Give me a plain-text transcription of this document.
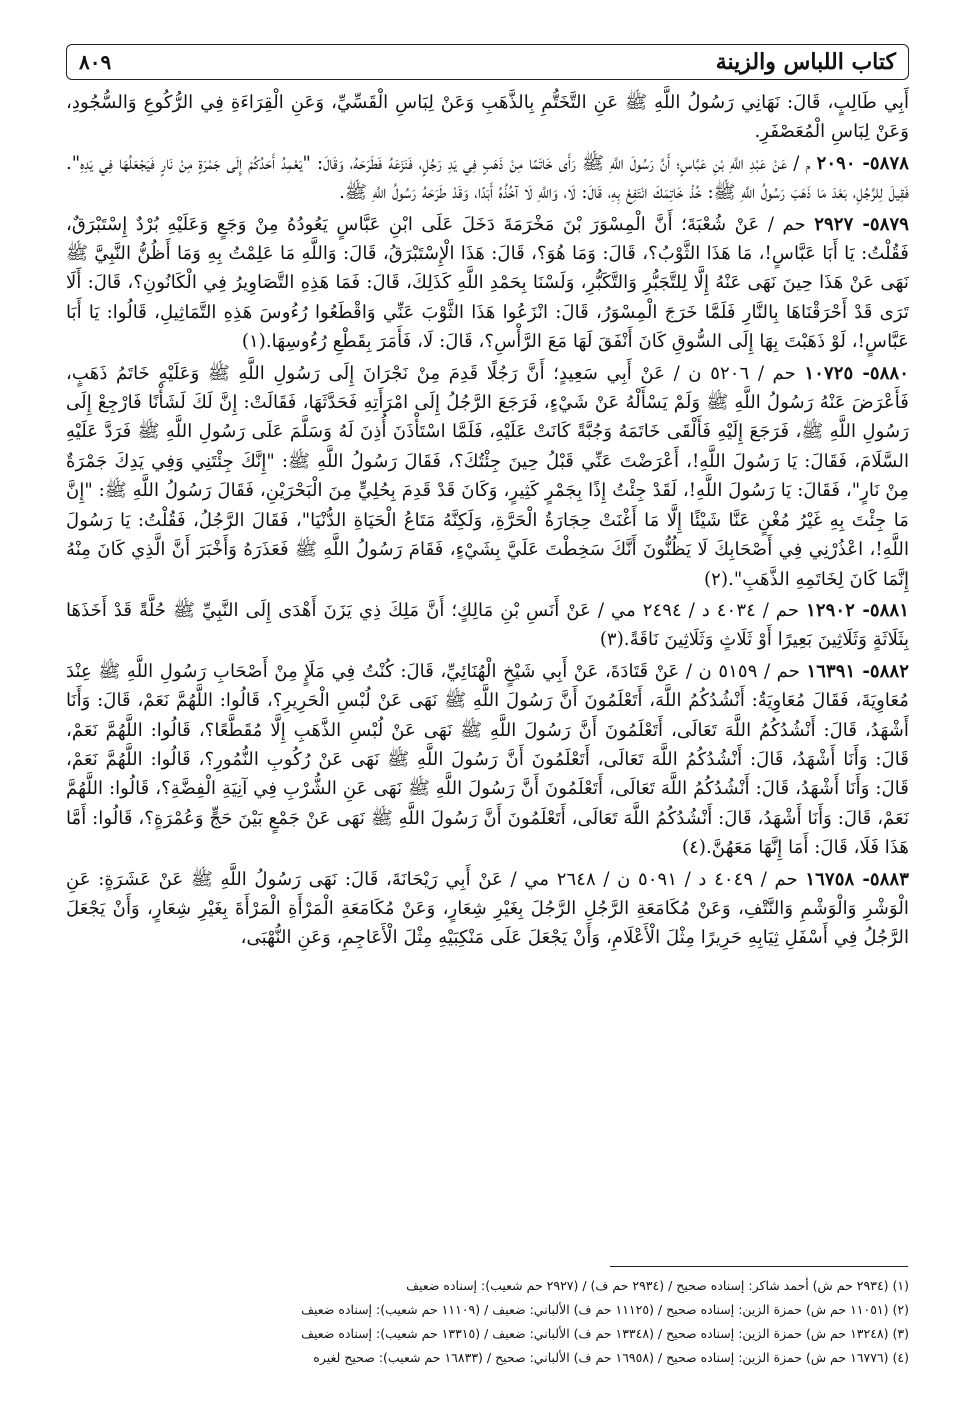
كتاب اللباس والزينة
٨٠٩

أَبِي طَالِبٍ، قَالَ: نَهَانِي رَسُولُ اللَّهِ ﷺ عَنِ التَّخَتُّمِ بِالذَّهَبِ وَعَنْ لِبَاسِ الْقَسِّيِّ، وَعَنِ الْقِرَاءَةِ فِي الرُّكُوعِ وَالسُّجُودِ، وَعَنْ لِبَاسِ الْمُعَصْفَرِ.

٥٨٧٨- ٢٠٩٠ م / عَنْ عَبْدِ اللَّهِ بْنِ عَبَّاسٍ؛ أَنَّ رَسُولَ اللَّهِ ﷺ رَأَى خَاتَمًا مِنْ ذَهَبٍ فِي يَدِ رَجُلٍ، فَنَزَعَهُ فَطَرَحَهُ، وَقَالَ: "يَعْمِدُ أَحَدُكُمْ إِلَى جَمْرَةٍ مِنْ نَارٍ فَيَجْعَلُهَا فِي يَدِهِ". فَقِيلَ لِلرَّجُلِ، بَعْدَ مَا ذَهَبَ رَسُولُ اللَّهِ ﷺ: خُذْ خَاتِمَكَ انْتَفِعْ بِهِ، قَالَ: لَا، وَاللَّهِ لَا آخُذُهُ أَبَدًا، وَقَدْ طَرَحَهُ رَسُولُ اللَّهِ ﷺ.

٥٨٧٩- ٢٩٢٧ حم / عَنْ شُعْبَةَ؛ أَنَّ الْمِسْوَرَ بْنَ مَخْرَمَةَ دَخَلَ عَلَى ابْنِ عَبَّاسٍ يَعُودُهُ مِنْ وَجَعٍ وَعَلَيْهِ بُرْدٌ إِسْتَبْرَقٌ، فَقُلْتُ: يَا أَبَا عَبَّاسٍ!، مَا هَذَا الثَّوْبُ؟، قَالَ: وَمَا هُوَ؟، قَالَ: هَذَا الْإِسْتَبْرَقُ، قَالَ: وَاللَّهِ مَا عَلِمْتُ بِهِ وَمَا أَظُنُّ النَّبِيَّ ﷺ نَهَى عَنْ هَذَا حِينَ نَهَى عَنْهُ إِلَّا لِلتَّجَبُّرِ وَالتَّكَبُّرِ، وَلَسْنَا بِحَمْدِ اللَّهِ كَذَلِكَ، قَالَ: فَمَا هَذِهِ التَّصَاوِيرُ فِي الْكَانُونِ؟، قَالَ: أَلَا تَرَى قَدْ أَحْرَقْنَاهَا بِالنَّارِ فَلَمَّا خَرَجَ الْمِسْوَرُ، قَالَ: انْزَعُوا هَذَا الثَّوْبَ عَنِّي وَاقْطَعُوا رُءُوسَ هَذِهِ التَّمَاثِيلِ، قَالُوا: يَا أَبَا عَبَّاسٍ!، لَوْ ذَهَبْتَ بِهَا إِلَى السُّوقِ كَانَ أَنْفَقَ لَهَا مَعَ الرَّأْسِ؟، قَالَ: لَا، فَأَمَرَ بِقَطْعِ رُءُوسِهَا.(١)

٥٨٨٠- ١٠٧٢٥ حم / ٥٢٠٦ ن / عَنْ أَبِي سَعِيدٍ؛ أَنَّ رَجُلًا قَدِمَ مِنْ نَجْرَانَ إِلَى رَسُولِ اللَّهِ ﷺ وَعَلَيْهِ خَاتَمُ ذَهَبٍ، فَأَعْرَضَ عَنْهُ رَسُولُ اللَّهِ ﷺ وَلَمْ يَسْأَلْهُ عَنْ شَيْءٍ، فَرَجَعَ الرَّجُلُ إِلَى امْرَأَتِهِ فَحَدَّثَهَا، فَقَالَتْ: إِنَّ لَكَ لَشَأْنًا فَارْجِعْ إِلَى رَسُولِ اللَّهِ ﷺ، فَرَجَعَ إِلَيْهِ فَأَلْقَى خَاتَمَهُ وَجُبَّةً كَانَتْ عَلَيْهِ، فَلَمَّا اسْتَأْذَنَ أُذِنَ لَهُ وَسَلَّمَ عَلَى رَسُولِ اللَّهِ ﷺ فَرَدَّ عَلَيْهِ السَّلَامَ، فَقَالَ: يَا رَسُولَ اللَّهِ!، أَعْرَضْتَ عَنِّي قَبْلُ حِينَ جِئْتُكَ؟، فَقَالَ رَسُولُ اللَّهِ ﷺ: "إِنَّكَ جِئْتَنِي وَفِي يَدِكَ جَمْرَةٌ مِنْ نَارٍ"، فَقَالَ: يَا رَسُولَ اللَّهِ!، لَقَدْ جِئْتُ إِذًا بِجَمْرٍ كَثِيرٍ، وَكَانَ قَدْ قَدِمَ بِحُلِيٍّ مِنَ الْبَحْرَيْنِ، فَقَالَ رَسُولُ اللَّهِ ﷺ: "إِنَّ مَا جِئْتَ بِهِ غَيْرُ مُغْنٍ عَنَّا شَيْئًا إِلَّا مَا أَغْنَتْ حِجَارَةُ الْحَرَّةِ، وَلَكِنَّهُ مَتَاعُ الْحَيَاةِ الدُّنْيَا"، فَقَالَ الرَّجُلُ، فَقُلْتُ: يَا رَسُولَ اللَّهِ!، اعْذُرْنِي فِي أَصْحَابِكَ لَا يَظُنُّونَ أَنَّكَ سَخِطْتَ عَلَيَّ بِشَيْءٍ، فَقَامَ رَسُولُ اللَّهِ ﷺ فَعَذَرَهُ وَأَخْبَرَ أَنَّ الَّذِي كَانَ مِنْهُ إِنَّمَا كَانَ لِخَاتَمِهِ الذَّهَبِ".(٢)

٥٨٨١- ١٢٩٠٢ حم / ٤٠٣٤ د / ٢٤٩٤ مي / عَنْ أَنَسِ بْنِ مَالِكٍ؛ أَنَّ مَلِكَ ذِي يَزَنَ أَهْدَى إِلَى النَّبِيِّ ﷺ حُلَّةً قَدْ أَخَذَهَا بِثَلَاثَةٍ وَثَلَاثِينَ بَعِيرًا أَوْ ثَلَاثٍ وَثَلَاثِينَ نَاقَةً.(٣)

٥٨٨٢- ١٦٣٩١ حم / ٥١٥٩ ن / عَنْ قَتَادَةَ، عَنْ أَبِي شَيْخٍ الْهُنَائِيِّ، قَالَ: كُنْتُ فِي مَلَإٍ مِنْ أَصْحَابِ رَسُولِ اللَّهِ ﷺ عِنْدَ مُعَاوِيَةَ، فَقَالَ مُعَاوِيَةُ: أَنْشُدُكُمُ اللَّهَ، أَتَعْلَمُونَ أَنَّ رَسُولَ اللَّهِ ﷺ نَهَى عَنْ لُبْسِ الْحَرِيرِ؟، قَالُوا: اللَّهُمَّ نَعَمْ، قَالَ: وَأَنَا أَشْهَدُ، قَالَ: أَنْشُدُكُمُ اللَّهَ تَعَالَى، أَتَعْلَمُونَ أَنَّ رَسُولَ اللَّهِ ﷺ نَهَى عَنْ لُبْسِ الذَّهَبِ إِلَّا مُقَطَّعًا؟، قَالُوا: اللَّهُمَّ نَعَمْ، قَالَ: وَأَنَا أَشْهَدُ، قَالَ: أَنْشُدُكُمُ اللَّهَ تَعَالَى، أَتَعْلَمُونَ أَنَّ رَسُولَ اللَّهِ ﷺ نَهَى عَنْ رُكُوبِ النُّمُورِ؟، قَالُوا: اللَّهُمَّ نَعَمْ، قَالَ: وَأَنَا أَشْهَدُ، قَالَ: أَنْشُدُكُمُ اللَّهَ تَعَالَى، أَتَعْلَمُونَ أَنَّ رَسُولَ اللَّهِ ﷺ نَهَى عَنِ الشُّرْبِ فِي آنِيَةِ الْفِضَّةِ؟، قَالُوا: اللَّهُمَّ نَعَمْ، قَالَ: وَأَنَا أَشْهَدُ، قَالَ: أَنْشُدُكُمُ اللَّهَ تَعَالَى، أَتَعْلَمُونَ أَنَّ رَسُولَ اللَّهِ ﷺ نَهَى عَنْ جَمْعٍ بَيْنَ حَجٍّ وَعُمْرَةٍ؟، قَالُوا: أَمَّا هَذَا فَلَا، قَالَ: أَمَا إِنَّهَا مَعَهُنَّ.(٤)

٥٨٨٣- ١٦٧٥٨ حم / ٤٠٤٩ د / ٥٠٩١ ن / ٢٦٤٨ مي / عَنْ أَبِي رَيْحَانَةَ، قَالَ: نَهَى رَسُولُ اللَّهِ ﷺ عَنْ عَشَرَةٍ: عَنِ الْوَشْرِ وَالْوَشْمِ وَالنَّتْفِ، وَعَنْ مُكَامَعَةِ الرَّجُلِ الرَّجُلَ بِغَيْرِ شِعَارٍ، وَعَنْ مُكَامَعَةِ الْمَرْأَةِ الْمَرْأَةَ بِغَيْرِ شِعَارٍ، وَأَنْ يَجْعَلَ الرَّجُلُ فِي أَسْفَلِ ثِيَابِهِ حَرِيرًا مِثْلَ الْأَعْلَامِ، وَأَنْ يَجْعَلَ عَلَى مَنْكِبَيْهِ مِثْلَ الْأَعَاجِمِ، وَعَنِ النُّهْبَى،

(١) (٢٩٣٤ حم ش) أحمد شاكر: إسناده صحيح / (٢٩٣٤ حم ف) / (٢٩٢٧ حم شعيب): إسناده ضعيف
(٢) (١١٠٥١ حم ش) حمزة الزين: إسناده صحيح / (١١١٢٥ حم ف) الألباني: ضعيف / (١١١٠٩ حم شعيب): إسناده ضعيف
(٣) (١٣٢٤٨ حم ش) حمزة الزين: إسناده صحيح / (١٣٣٤٨ حم ف) الألباني: ضعيف / (١٣٣١٥ حم شعيب): إسناده ضعيف
(٤) (١٦٧٧٦ حم ش) حمزة الزين: إسناده صحيح / (١٦٩٥٨ حم ف) الألباني: صحيح / (١٦٨٣٣ حم شعيب): صحيح لغيره
